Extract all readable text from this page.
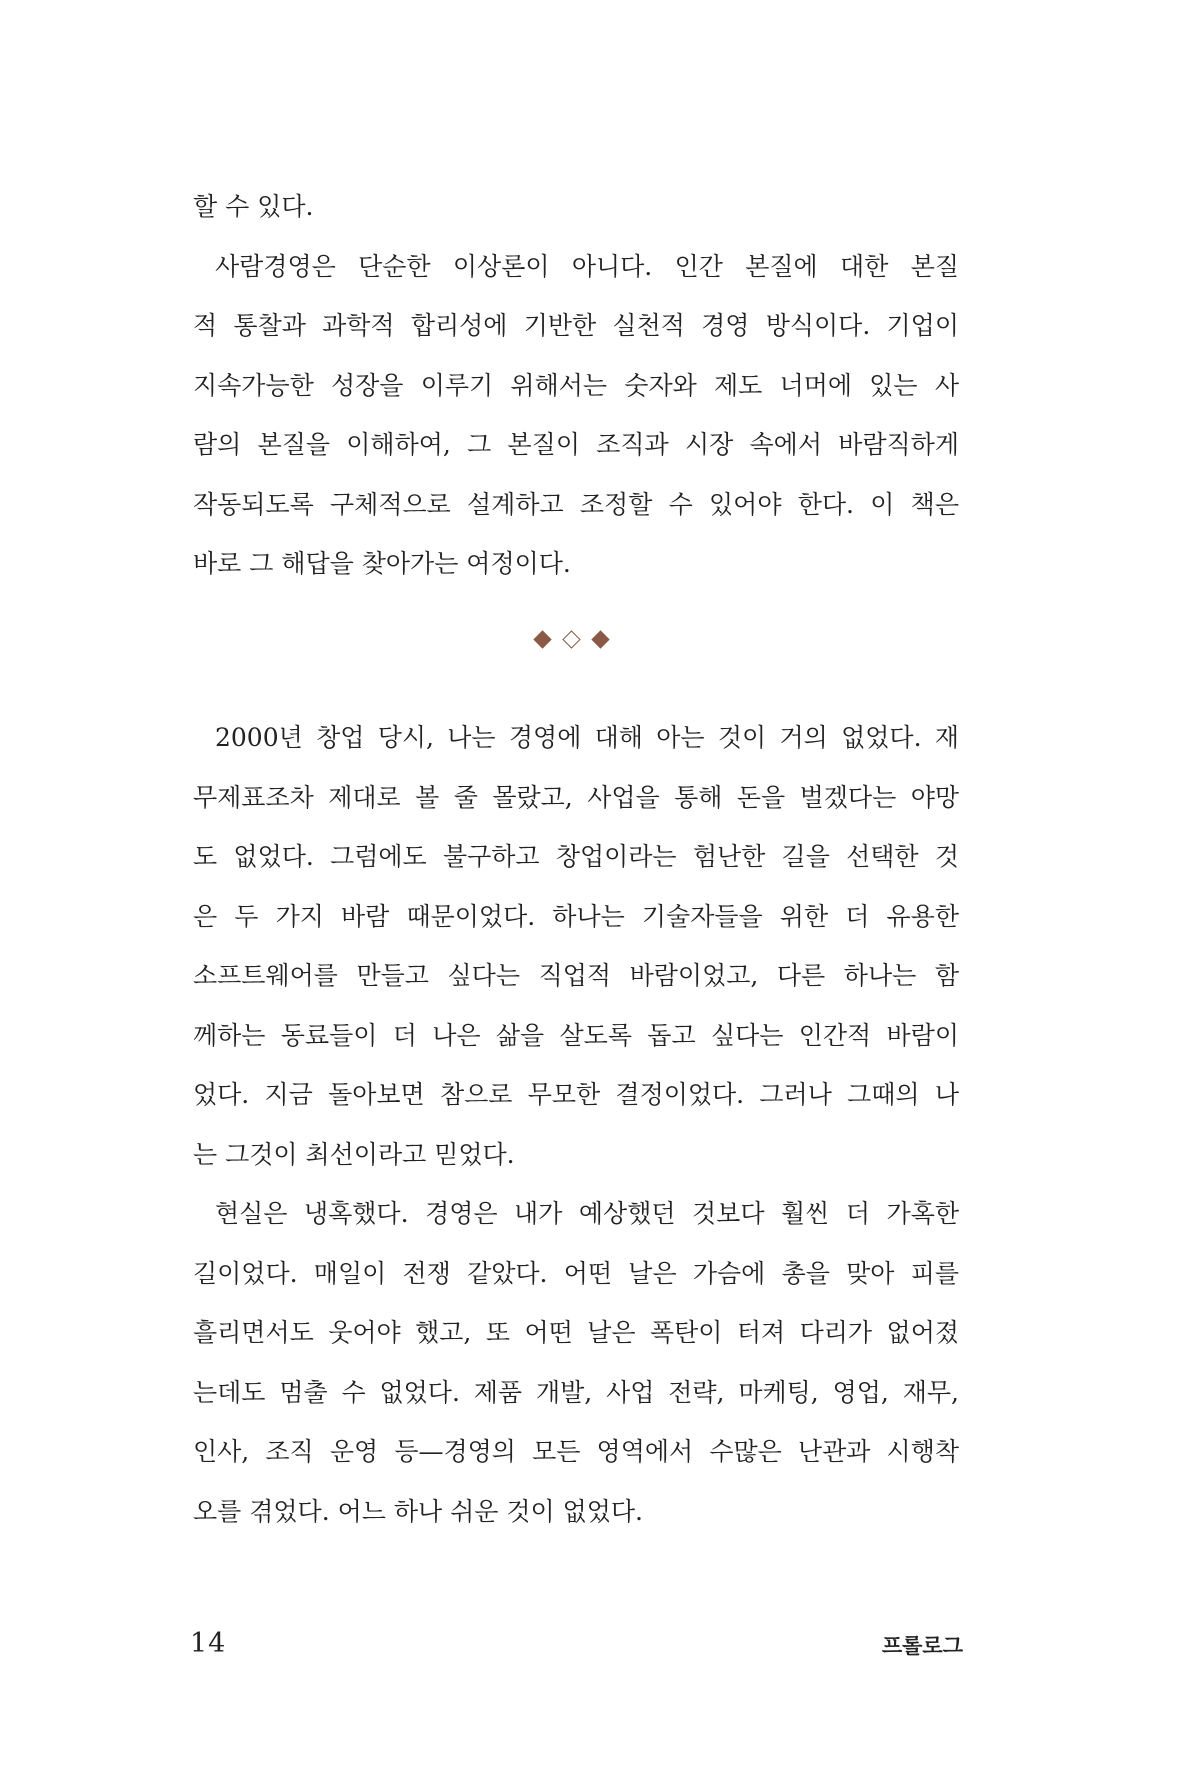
할 수 있다.
사람경영은 단순한 이상론이 아니다. 인간 본질에 대한 본질
적 통찰과 과학적 합리성에 기반한 실천적 경영 방식이다. 기업이
지속가능한 성장을 이루기 위해서는 숫자와 제도 너머에 있는 사
람의 본질을 이해하여, 그 본질이 조직과 시장 속에서 바람직하게
작동되도록 구체적으로 설계하고 조정할 수 있어야 한다. 이 책은
바로 그 해답을 찾아가는 여정이다.
2000년 창업 당시, 나는 경영에 대해 아는 것이 거의 없었다. 재
무제표조차 제대로 볼 줄 몰랐고, 사업을 통해 돈을 벌겠다는 야망
도 없었다. 그럼에도 불구하고 창업이라는 험난한 길을 선택한 것
은 두 가지 바람 때문이었다. 하나는 기술자들을 위한 더 유용한
소프트웨어를 만들고 싶다는 직업적 바람이었고, 다른 하나는 함
께하는 동료들이 더 나은 삶을 살도록 돕고 싶다는 인간적 바람이
었다. 지금 돌아보면 참으로 무모한 결정이었다. 그러나 그때의 나
는 그것이 최선이라고 믿었다.
현실은 냉혹했다. 경영은 내가 예상했던 것보다 훨씬 더 가혹한
길이었다. 매일이 전쟁 같았다. 어떤 날은 가슴에 총을 맞아 피를
흘리면서도 웃어야 했고, 또 어떤 날은 폭탄이 터져 다리가 없어졌
는데도 멈출 수 없었다. 제품 개발, 사업 전략, 마케팅, 영업, 재무,
인사, 조직 운영 등—경영의 모든 영역에서 수많은 난관과 시행착
오를 겪었다. 어느 하나 쉬운 것이 없었다.
14	프롤로그
